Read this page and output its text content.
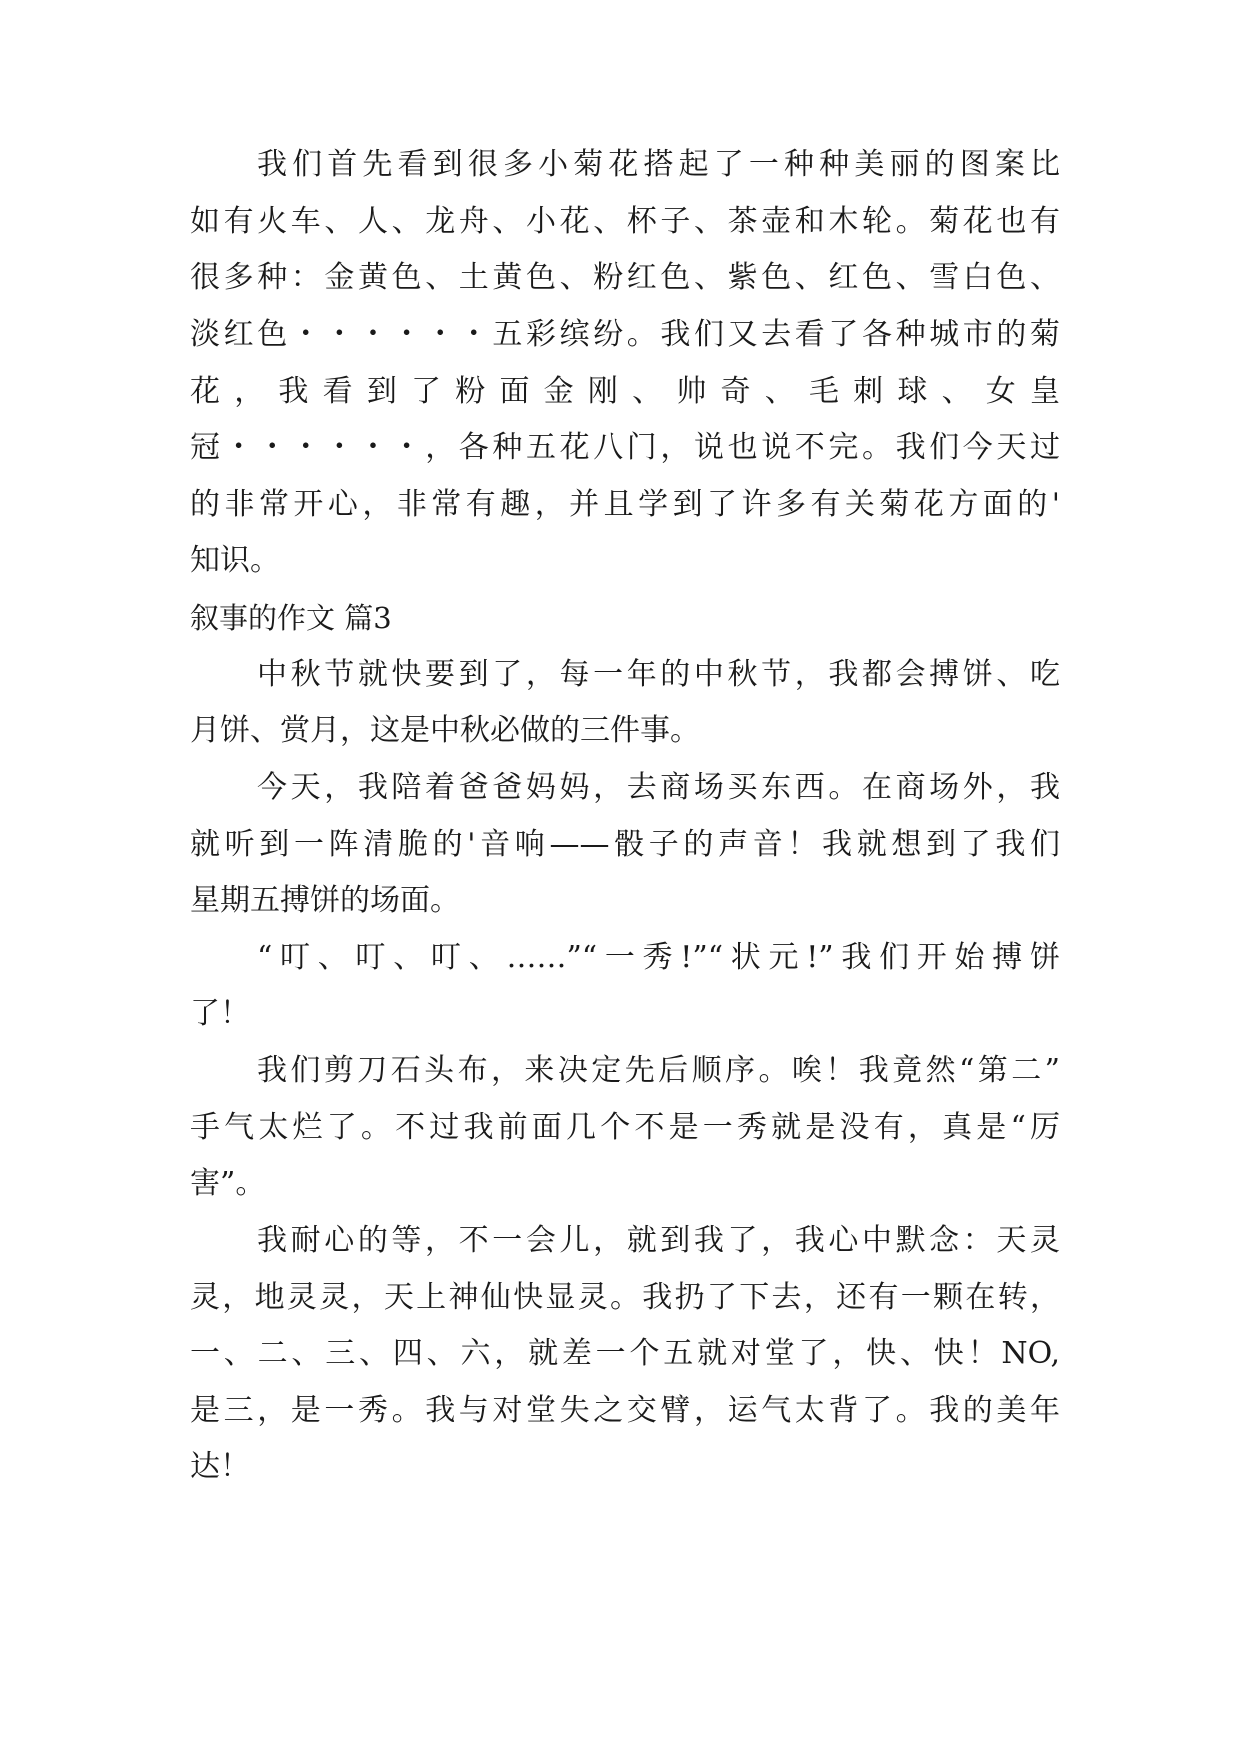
我们首先看到很多小菊花搭起了一种种美丽的图案比

如有火车、人、龙舟、小花、杯子、茶壶和木轮。菊花也有

很多种：金黄色、土黄色、粉红色、紫色、红色、雪白色、

淡红色・・・・・・五彩缤纷。我们又去看了各种城市的菊

花，我看到了粉面金刚、帅奇、毛刺球、女皇

冠・・・・・・，各种五花八门，说也说不完。我们今天过

的非常开心，非常有趣，并且学到了许多有关菊花方面的'

知识。

叙事的作文 篇3

中秋节就快要到了，每一年的中秋节，我都会搏饼、吃

月饼、赏月，这是中秋必做的三件事。

今天，我陪着爸爸妈妈，去商场买东西。在商场外，我

就听到一阵清脆的'音响——骰子的声音！我就想到了我们

星期五搏饼的场面。

“叮、叮、叮、……”“一秀!”“状元!”我们开始搏饼

了！

我们剪刀石头布，来决定先后顺序。唉！我竟然“第二”

手气太烂了。不过我前面几个不是一秀就是没有，真是“厉

害”。

我耐心的等，不一会儿，就到我了，我心中默念：天灵

灵，地灵灵，天上神仙快显灵。我扔了下去，还有一颗在转，

一、二、三、四、六，就差一个五就对堂了，快、快！NO,

是三，是一秀。我与对堂失之交臂，运气太背了。我的美年

达！
